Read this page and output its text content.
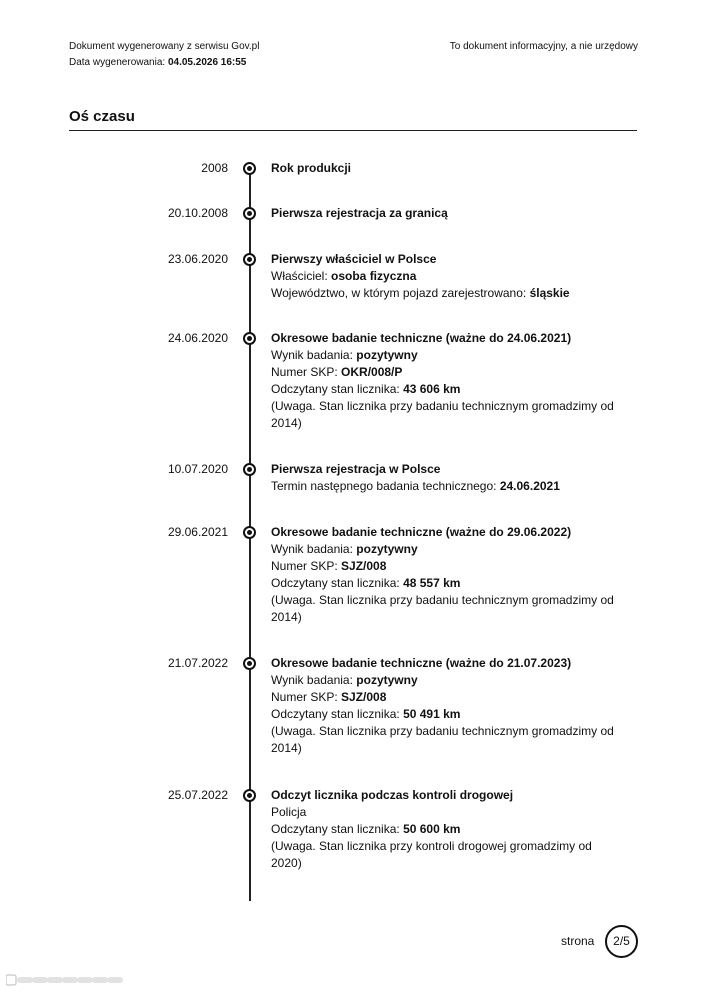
Dokument wygenerowany z serwisu Gov.pl
Data wygenerowania: 04.05.2026 16:55
To dokument informacyjny, a nie urzędowy
Oś czasu
2008	Rok produkcji
20.10.2008	Pierwsza rejestracja za granicą
23.06.2020	Pierwszy właściciel w Polsce
Właściciel: osoba fizyczna
Województwo, w którym pojazd zarejestrowano: śląskie
24.06.2020	Okresowe badanie techniczne (ważne do 24.06.2021)
Wynik badania: pozytywny
Numer SKP: OKR/008/P
Odczytany stan licznika: 43 606 km
(Uwaga. Stan licznika przy badaniu technicznym gromadzimy od 2014)
10.07.2020	Pierwsza rejestracja w Polsce
Termin następnego badania technicznego: 24.06.2021
29.06.2021	Okresowe badanie techniczne (ważne do 29.06.2022)
Wynik badania: pozytywny
Numer SKP: SJZ/008
Odczytany stan licznika: 48 557 km
(Uwaga. Stan licznika przy badaniu technicznym gromadzimy od 2014)
21.07.2022	Okresowe badanie techniczne (ważne do 21.07.2023)
Wynik badania: pozytywny
Numer SKP: SJZ/008
Odczytany stan licznika: 50 491 km
(Uwaga. Stan licznika przy badaniu technicznym gromadzimy od 2014)
25.07.2022	Odczyt licznika podczas kontroli drogowej
Policja
Odczytany stan licznika: 50 600 km
(Uwaga. Stan licznika przy kontroli drogowej gromadzimy od 2020)
strona	2/5
